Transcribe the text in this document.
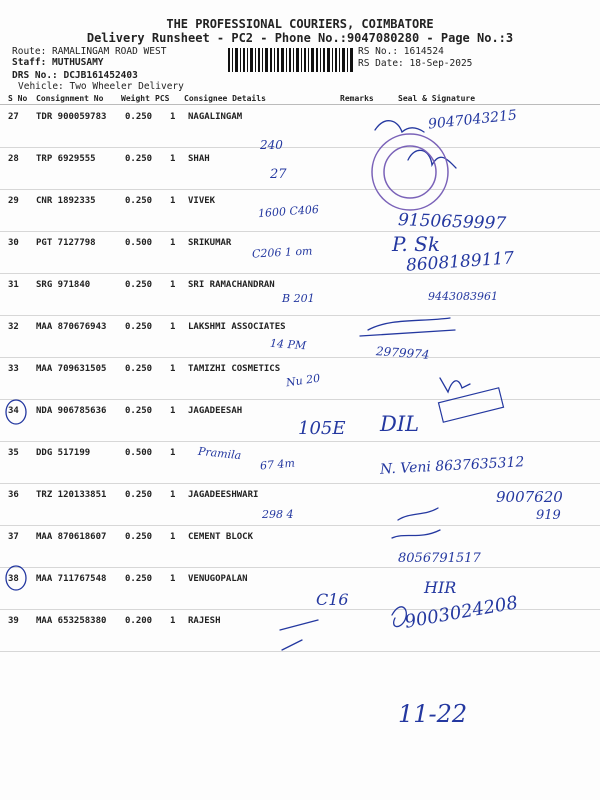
THE PROFESSIONAL COURIERS, COIMBATORE
Delivery Runsheet - PC2 - Phone No.:9047080280 - Page No.:3
Route: RAMALINGAM ROAD WEST
Staff: MUTHUSAMY
DRS No.: DCJB161452403
Vehicle: Two Wheeler Delivery
RS No.: 1614524
RS Date: 18-Sep-2025
S No Consignment No Weight PCS Consignee Details	Remarks	Seal & Signature
27 TDR 900059783 0.250 1 NAGALINGAM
28 TRP 6929555	0.250 1 SHAH
29 CNR 1892335	0.250 1 VIVEK
30 PGT 7127798	0.500 1 SRIKUMAR
31 SRG 971840	0.250 1 SRI RAMACHANDRAN
32 MAA 870676943 0.250 1 LAKSHMI ASSOCIATES
33 MAA 709631505 0.250 1 TAMIZHI COSMETICS
34 NDA 906785636 0.250 1 JAGADEESAH
35 DDG 517199	0.500 1
36 TRZ 120133851 0.250 1 JAGADEESHWARI
37 MAA 870618607 0.250 1 CEMENT BLOCK
38 MAA 711767548 0.250 1 VENUGOPALAN
39 MAA 653258380 0.200 1 RAJESH
9047043215
240
27
9150659997
1600 C406
C206 1 om	P. Sk
8608189117
B 201	9443083961
14 PM	2979974
Nu 20
105E DIL
Pramila
67 4m	N. Veni 8637635312
9007620
919
298 4
8056791517
C16
HIR
9003024208
11-22
